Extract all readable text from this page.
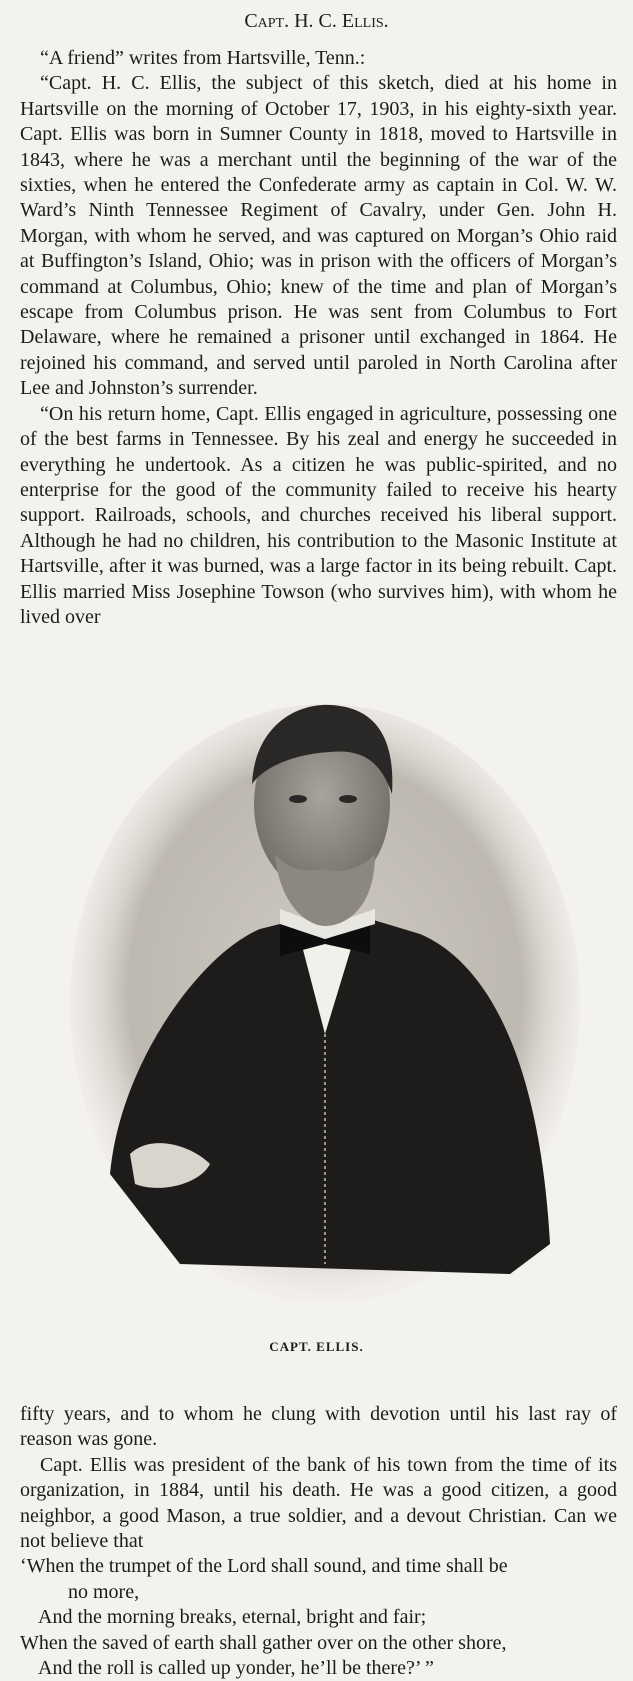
Capt. H. C. Ellis.

“A friend” writes from Hartsville, Tenn.:

“Capt. H. C. Ellis, the subject of this sketch, died at his home in Hartsville on the morning of October 17, 1903, in his eighty-sixth year. Capt. Ellis was born in Sumner County in 1818, moved to Hartsville in 1843, where he was a merchant until the beginning of the war of the sixties, when he entered the Confederate army as captain in Col. W. W. Ward’s Ninth Tennessee Regiment of Cavalry, under Gen. John H. Morgan, with whom he served, and was captured on Morgan’s Ohio raid at Buffington’s Island, Ohio; was in prison with the officers of Morgan’s command at Columbus, Ohio; knew of the time and plan of Morgan’s escape from Columbus prison. He was sent from Columbus to Fort Delaware, where he remained a prisoner until exchanged in 1864. He rejoined his command, and served until paroled in North Carolina after Lee and Johnston’s surrender.

“On his return home, Capt. Ellis engaged in agriculture, possessing one of the best farms in Tennessee. By his zeal and energy he succeeded in everything he undertook. As a citizen he was public-spirited, and no enterprise for the good of the community failed to receive his hearty support. Railroads, schools, and churches received his liberal support. Although he had no children, his contribution to the Masonic Institute at Hartsville, after it was burned, was a large factor in its being rebuilt. Capt. Ellis married Miss Josephine Towson (who survives him), with whom he lived over

CAPT. ELLIS.

fifty years, and to whom he clung with devotion until his last ray of reason was gone.

Capt. Ellis was president of the bank of his town from the time of its organization, in 1884, until his death. He was a good citizen, a good neighbor, a good Mason, a true soldier, and a devout Christian. Can we not believe that

‘When the trumpet of the Lord shall sound, and time shall be

no more,

And the morning breaks, eternal, bright and fair;

When the saved of earth shall gather over on the other shore,

And the roll is called up yonder, he’ll be there?’ ”
